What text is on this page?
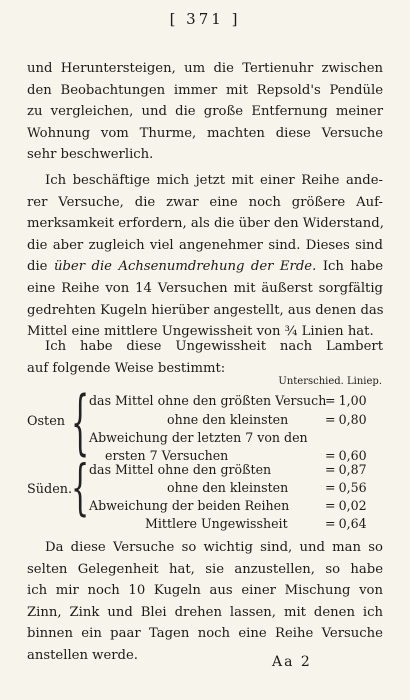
[ 371 ]
und Heruntersteigen, um die Tertienuhr zwischen
den Beobachtungen immer mit Repsold's Pendüle
zu vergleichen, und die große Entfernung meiner
Wohnung vom Thurme, machten diese Versuche
sehr beschwerlich.
Ich beschäftige mich jetzt mit einer Reihe ande-
rer Versuche, die zwar eine noch größere Auf-
merksamkeit erfordern, als die über den Widerstand,
die aber zugleich viel angenehmer sind. Dieses sind
die über die Achsenumdrehung der Erde. Ich habe
eine Reihe von 14 Versuchen mit äußerst sorgfältig
gedrehten Kugeln hierüber angestellt, aus denen das
Mittel eine mittlere Ungewissheit von ¾ Linien hat.
Ich habe diese Ungewissheit nach Lambert
auf folgende Weise bestimmt:
Unterschied. Liniep.
Osten { das Mittel ohne den größten Versuch = 1,00
ohne den kleinsten	= 0,80
Abweichung der letzten 7 von den
ersten 7 Versuchen	= 0,60
Süden.
{ das Mittel ohne den größten	= 0,87
ohne den kleinsten	= 0,56
Abweichung der beiden Reihen	= 0,02
Mittlere Ungewissheit	= 0,64
Da diese Versuche so wichtig sind, und man so
selten Gelegenheit hat, sie anzustellen, so habe
ich mir noch 10 Kugeln aus einer Mischung von
Zinn, Zink und Blei drehen lassen, mit denen ich
binnen ein paar Tagen noch eine Reihe Versuche
anstellen werde.	Aa 2
